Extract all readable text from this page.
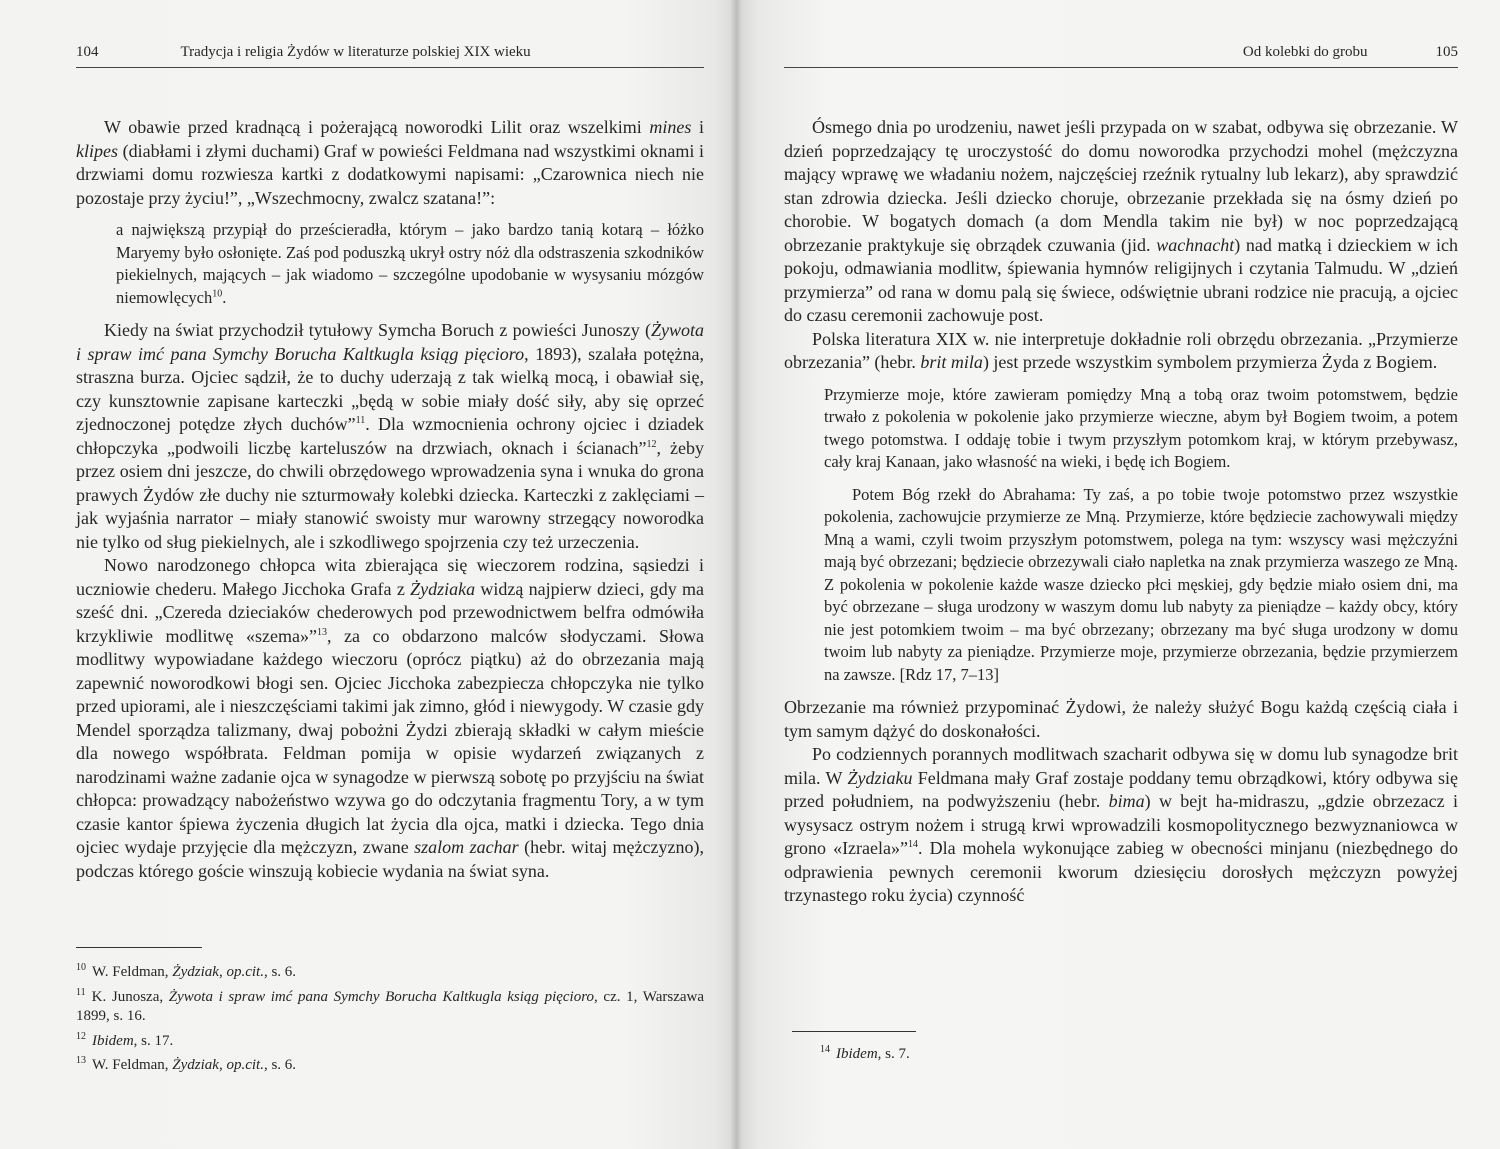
104	Tradycja i religia Żydów w literaturze polskiej XIX wieku

W obawie przed kradnącą i pożerającą noworodki Lilit oraz wszelkimi mines i klipes (diabłami i złymi duchami) Graf w powieści Feldmana nad wszystkimi oknami i drzwiami domu rozwiesza kartki z dodatkowymi napisami: „Czarownica niech nie pozostaje przy życiu!”, „Wszechmocny, zwalcz szatana!”:

a największą przypiął do prześcieradła, którym – jako bardzo tanią kotarą – łóżko Maryemy było osłonięte. Zaś pod poduszką ukrył ostry nóż dla odstraszenia szkodników piekielnych, mających – jak wiadomo – szczególne upodobanie w wysysaniu mózgów niemowlęcych$^{10}$.

Kiedy na świat przychodził tytułowy Symcha Boruch z powieści Junoszy (Żywota i spraw imć pana Symchy Borucha Kaltkugla ksiąg pięcioro, 1893), szalała potężna, straszna burza. Ojciec sądził, że to duchy uderzają z tak wielką mocą, i obawiał się, czy kunsztownie zapisane karteczki „będą w sobie miały dość siły, aby się oprzeć zjednoczonej potędze złych duchów”$^{11}$. Dla wzmocnienia ochrony ojciec i dziadek chłopczyka „podwoili liczbę karteluszów na drzwiach, oknach i ścianach”$^{12}$, żeby przez osiem dni jeszcze, do chwili obrzędowego wprowadzenia syna i wnuka do grona prawych Żydów złe duchy nie szturmowały kolebki dziecka. Karteczki z zaklęciami – jak wyjaśnia narrator – miały stanowić swoisty mur warowny strzegący noworodka nie tylko od sług piekielnych, ale i szkodliwego spojrzenia czy też urzeczenia.

Nowo narodzonego chłopca wita zbierająca się wieczorem rodzina, sąsiedzi i uczniowie chederu. Małego Jicchoka Grafa z Żydziaka widzą najpierw dzieci, gdy ma sześć dni. „Czereda dzieciaków chederowych pod przewodnictwem belfra odmówiła krzykliwie modlitwę «szema»”$^{13}$, za co obdarzono malców słodyczami. Słowa modlitwy wypowiadane każdego wieczoru (oprócz piątku) aż do obrzezania mają zapewnić noworodkowi błogi sen. Ojciec Jicchoka zabezpiecza chłopczyka nie tylko przed upiorami, ale i nieszczęściami takimi jak zimno, głód i niewygody. W czasie gdy Mendel sporządza talizmany, dwaj pobożni Żydzi zbierają składki w całym mieście dla nowego współbrata. Feldman pomija w opisie wydarzeń związanych z narodzinami ważne zadanie ojca w synagodze w pierwszą sobotę po przyjściu na świat chłopca: prowadzący nabożeństwo wzywa go do odczytania fragmentu Tory, a w tym czasie kantor śpiewa życzenia długich lat życia dla ojca, matki i dziecka. Tego dnia ojciec wydaje przyjęcie dla mężczyzn, zwane szalom zachar (hebr. witaj mężczyzno), podczas którego goście winszują kobiecie wydania na świat syna.

$^{10}$ W. Feldman, Żydziak, op.cit., s. 6.

$^{11}$ K. Junosza, Żywota i spraw imć pana Symchy Borucha Kaltkugla ksiąg pięcioro, cz. 1, Warszawa 1899, s. 16.

$^{12}$ Ibidem, s. 17.

$^{13}$ W. Feldman, Żydziak, op.cit., s. 6.

Od kolebki do grobu	105

Ósmego dnia po urodzeniu, nawet jeśli przypada on w szabat, odbywa się obrzezanie. W dzień poprzedzający tę uroczystość do domu noworodka przychodzi mohel (mężczyzna mający wprawę we władaniu nożem, najczęściej rzeźnik rytualny lub lekarz), aby sprawdzić stan zdrowia dziecka. Jeśli dziecko choruje, obrzezanie przekłada się na ósmy dzień po chorobie. W bogatych domach (a dom Mendla takim nie był) w noc poprzedzającą obrzezanie praktykuje się obrządek czuwania (jid. wachnacht) nad matką i dzieckiem w ich pokoju, odmawiania modlitw, śpiewania hymnów religijnych i czytania Talmudu. W „dzień przymierza” od rana w domu palą się świece, odświętnie ubrani rodzice nie pracują, a ojciec do czasu ceremonii zachowuje post.

Polska literatura XIX w. nie interpretuje dokładnie roli obrzędu obrzezania. „Przymierze obrzezania” (hebr. brit mila) jest przede wszystkim symbolem przymierza Żyda z Bogiem.

Przymierze moje, które zawieram pomiędzy Mną a tobą oraz twoim potomstwem, będzie trwało z pokolenia w pokolenie jako przymierze wieczne, abym był Bogiem twoim, a potem twego potomstwa. I oddaję tobie i twym przyszłym potomkom kraj, w którym przebywasz, cały kraj Kanaan, jako własność na wieki, i będę ich Bogiem.

Potem Bóg rzekł do Abrahama: Ty zaś, a po tobie twoje potomstwo przez wszystkie pokolenia, zachowujcie przymierze ze Mną. Przymierze, które będziecie zachowywali między Mną a wami, czyli twoim przyszłym potomstwem, polega na tym: wszyscy wasi mężczyźni mają być obrzezani; będziecie obrzezywali ciało napletka na znak przymierza waszego ze Mną. Z pokolenia w pokolenie każde wasze dziecko płci męskiej, gdy będzie miało osiem dni, ma być obrzezane – sługa urodzony w waszym domu lub nabyty za pieniądze – każdy obcy, który nie jest potomkiem twoim – ma być obrzezany; obrzezany ma być sługa urodzony w domu twoim lub nabyty za pieniądze. Przymierze moje, przymierze obrzezania, będzie przymierzem na zawsze. [Rdz 17, 7–13]

Obrzezanie ma również przypominać Żydowi, że należy służyć Bogu każdą częścią ciała i tym samym dążyć do doskonałości.

Po codziennych porannych modlitwach szacharit odbywa się w domu lub synagodze brit mila. W Żydziaku Feldmana mały Graf zostaje poddany temu obrządkowi, który odbywa się przed południem, na podwyższeniu (hebr. bima) w bejt ha-midraszu, „gdzie obrzezacz i wysysacz ostrym nożem i strugą krwi wprowadzili kosmopolitycznego bezwyznaniowca w grono «Izraela»”$^{14}$. Dla mohela wykonujące zabieg w obecności minjanu (niezbędnego do odprawienia pewnych ceremonii kworum dziesięciu dorosłych mężczyzn powyżej trzynastego roku życia) czynność

$^{14}$ Ibidem, s. 7.
